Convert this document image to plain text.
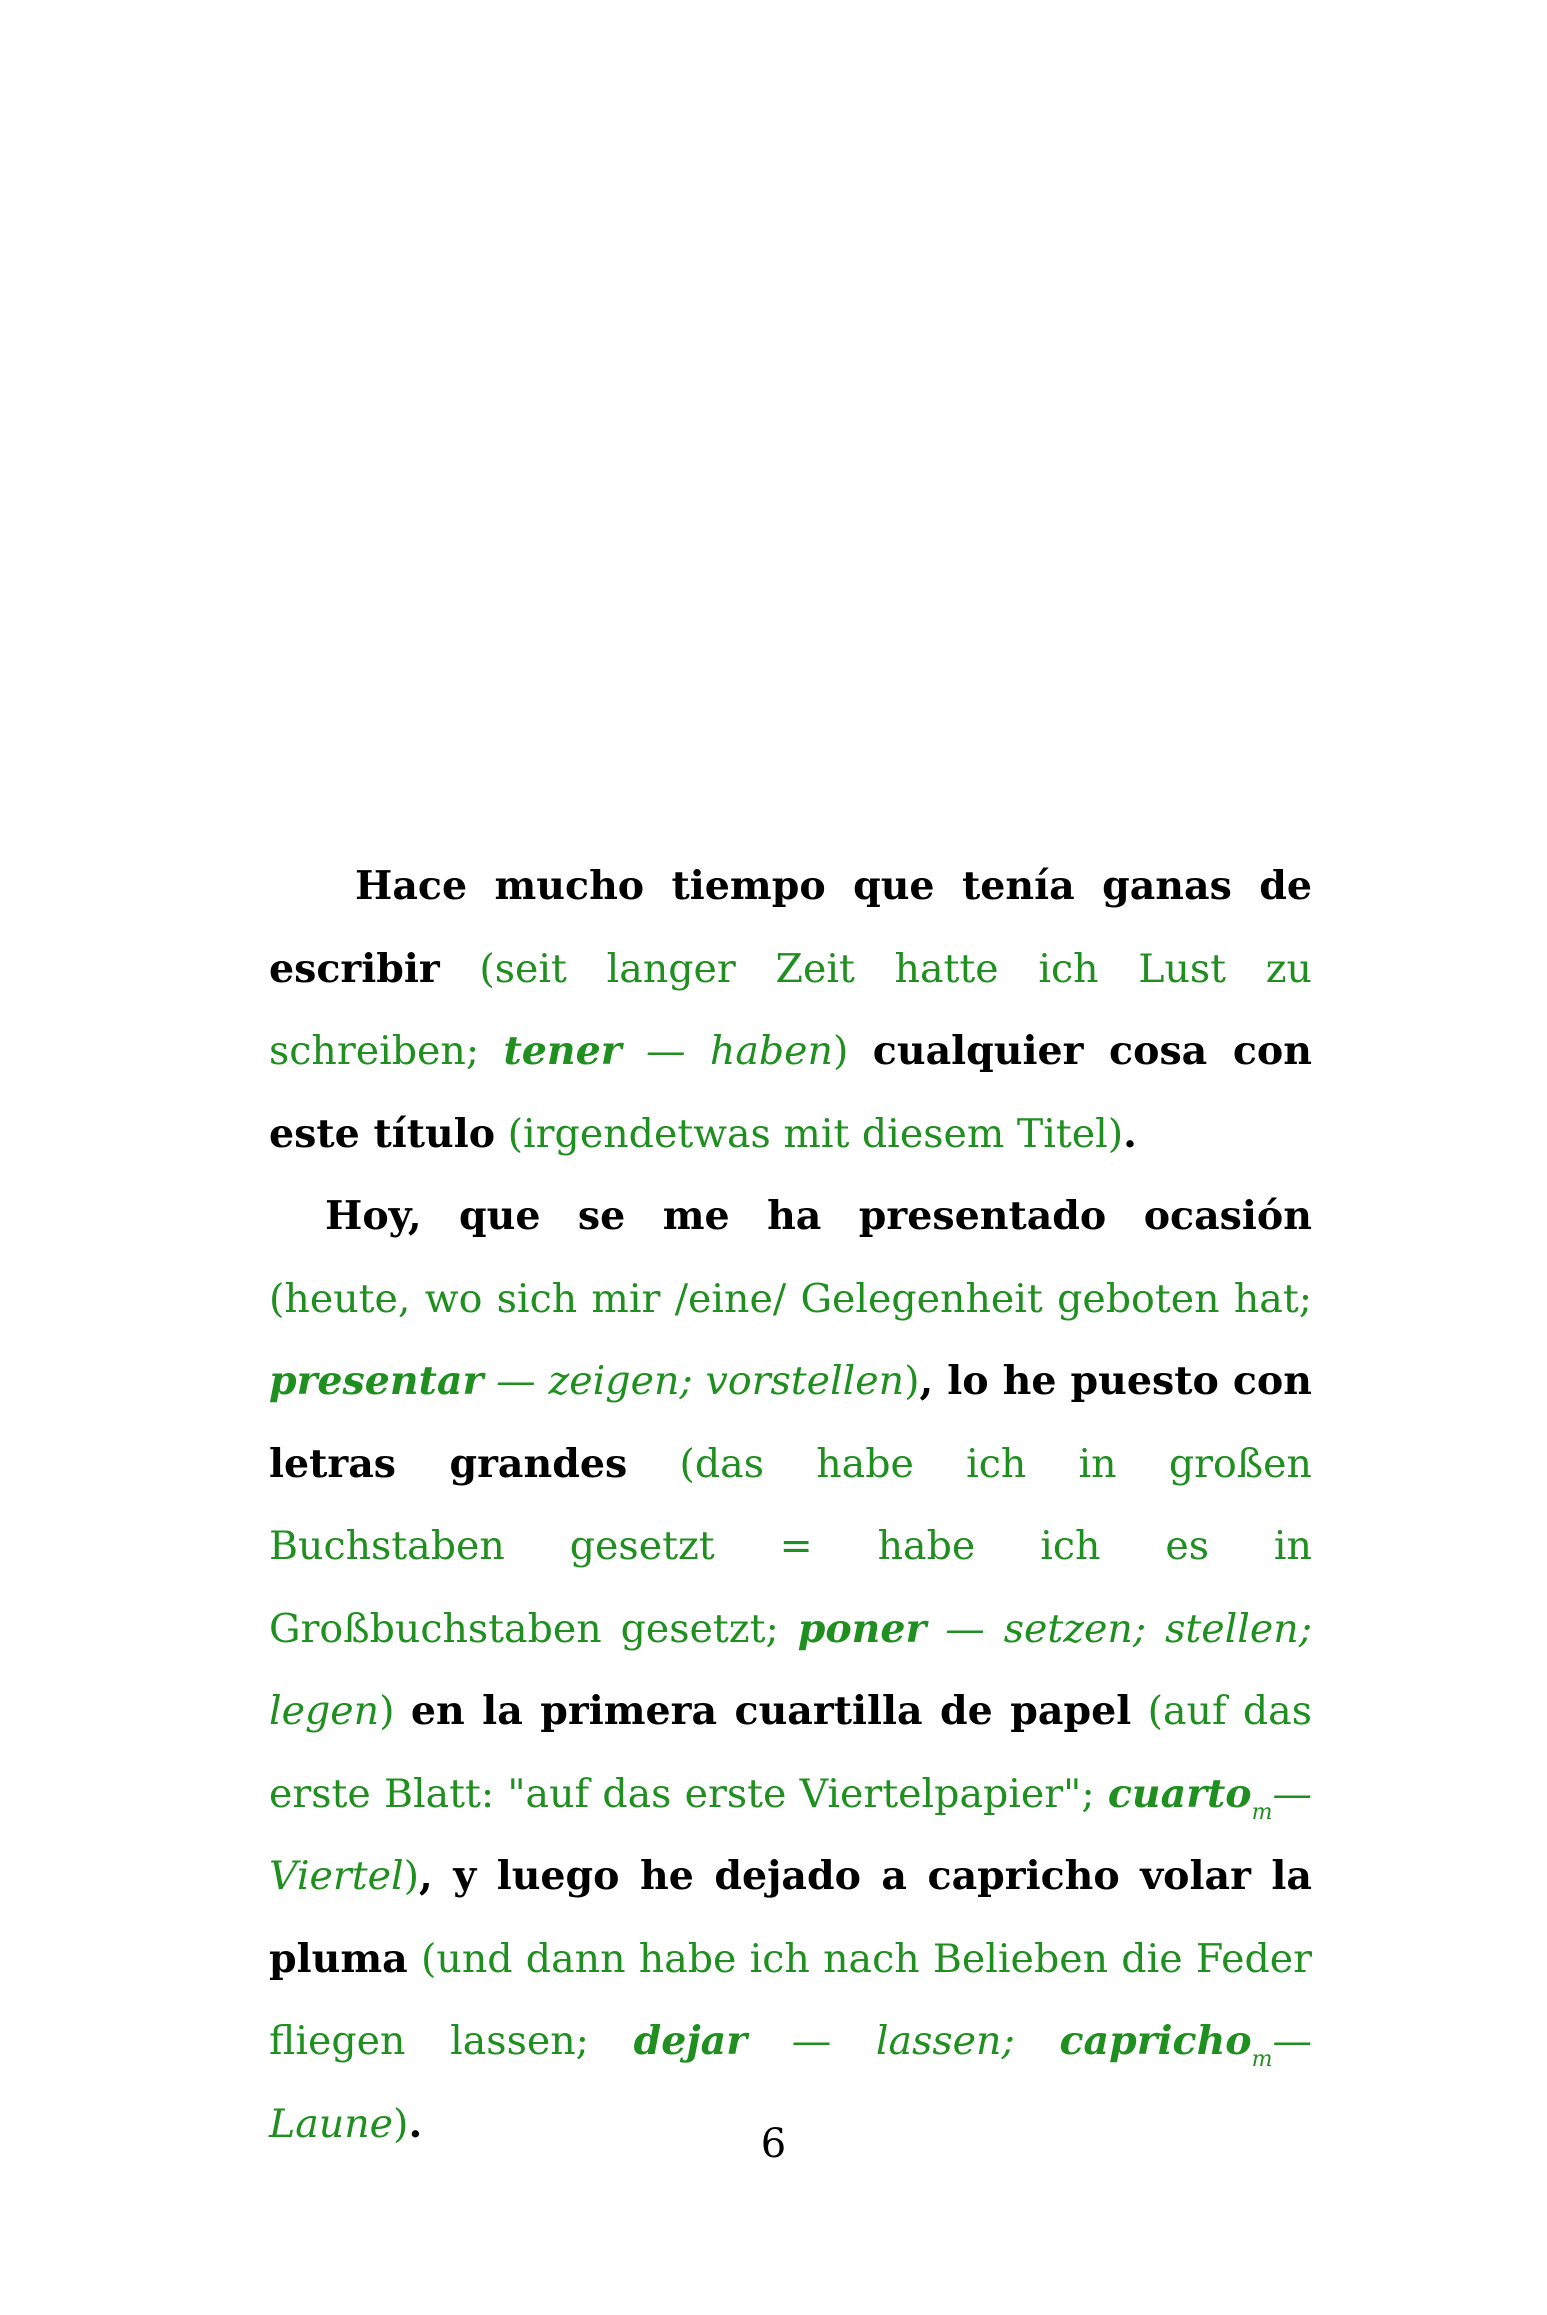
Hace mucho tiempo que tenía ganas de escribir (seit langer Zeit hatte ich Lust zu schreiben; tener — haben) cualquier cosa con este título (irgendetwas mit diesem Titel).

Hoy, que se me ha presentado ocasión (heute, wo sich mir /eine/ Gelegenheit geboten hat; presentar — zeigen; vorstellen), lo he puesto con letras grandes (das habe ich in großen Buchstaben gesetzt = habe ich es in Großbuchstaben gesetzt; poner — setzen; stellen; legen) en la primera cuartilla de papel (auf das erste Blatt: "auf das erste Viertelpapier"; cuarto$_m$— Viertel), y luego he dejado a capricho volar la pluma (und dann habe ich nach Belieben die Feder fliegen lassen; dejar — lassen; capricho$_m$— Laune).	6
